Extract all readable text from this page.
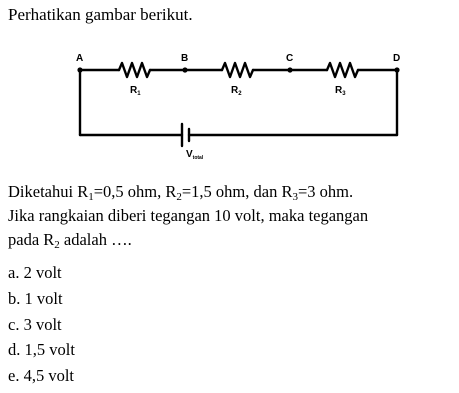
Perhatikan gambar berikut.
A	B	C	D
$R_1$	$R_2$	$R_3$
$V_{total}$

Diketahui $R_1=0,5$ ohm, $R_2=1,5$ ohm, dan $R_3=3$ ohm.

Jika rangkaian diberi tegangan 10 volt, maka tegangan

pada $R_2$ adalah ….

a. 2 volt
b. 1 volt
c. 3 volt
d. 1,5 volt
e. 4,5 volt
